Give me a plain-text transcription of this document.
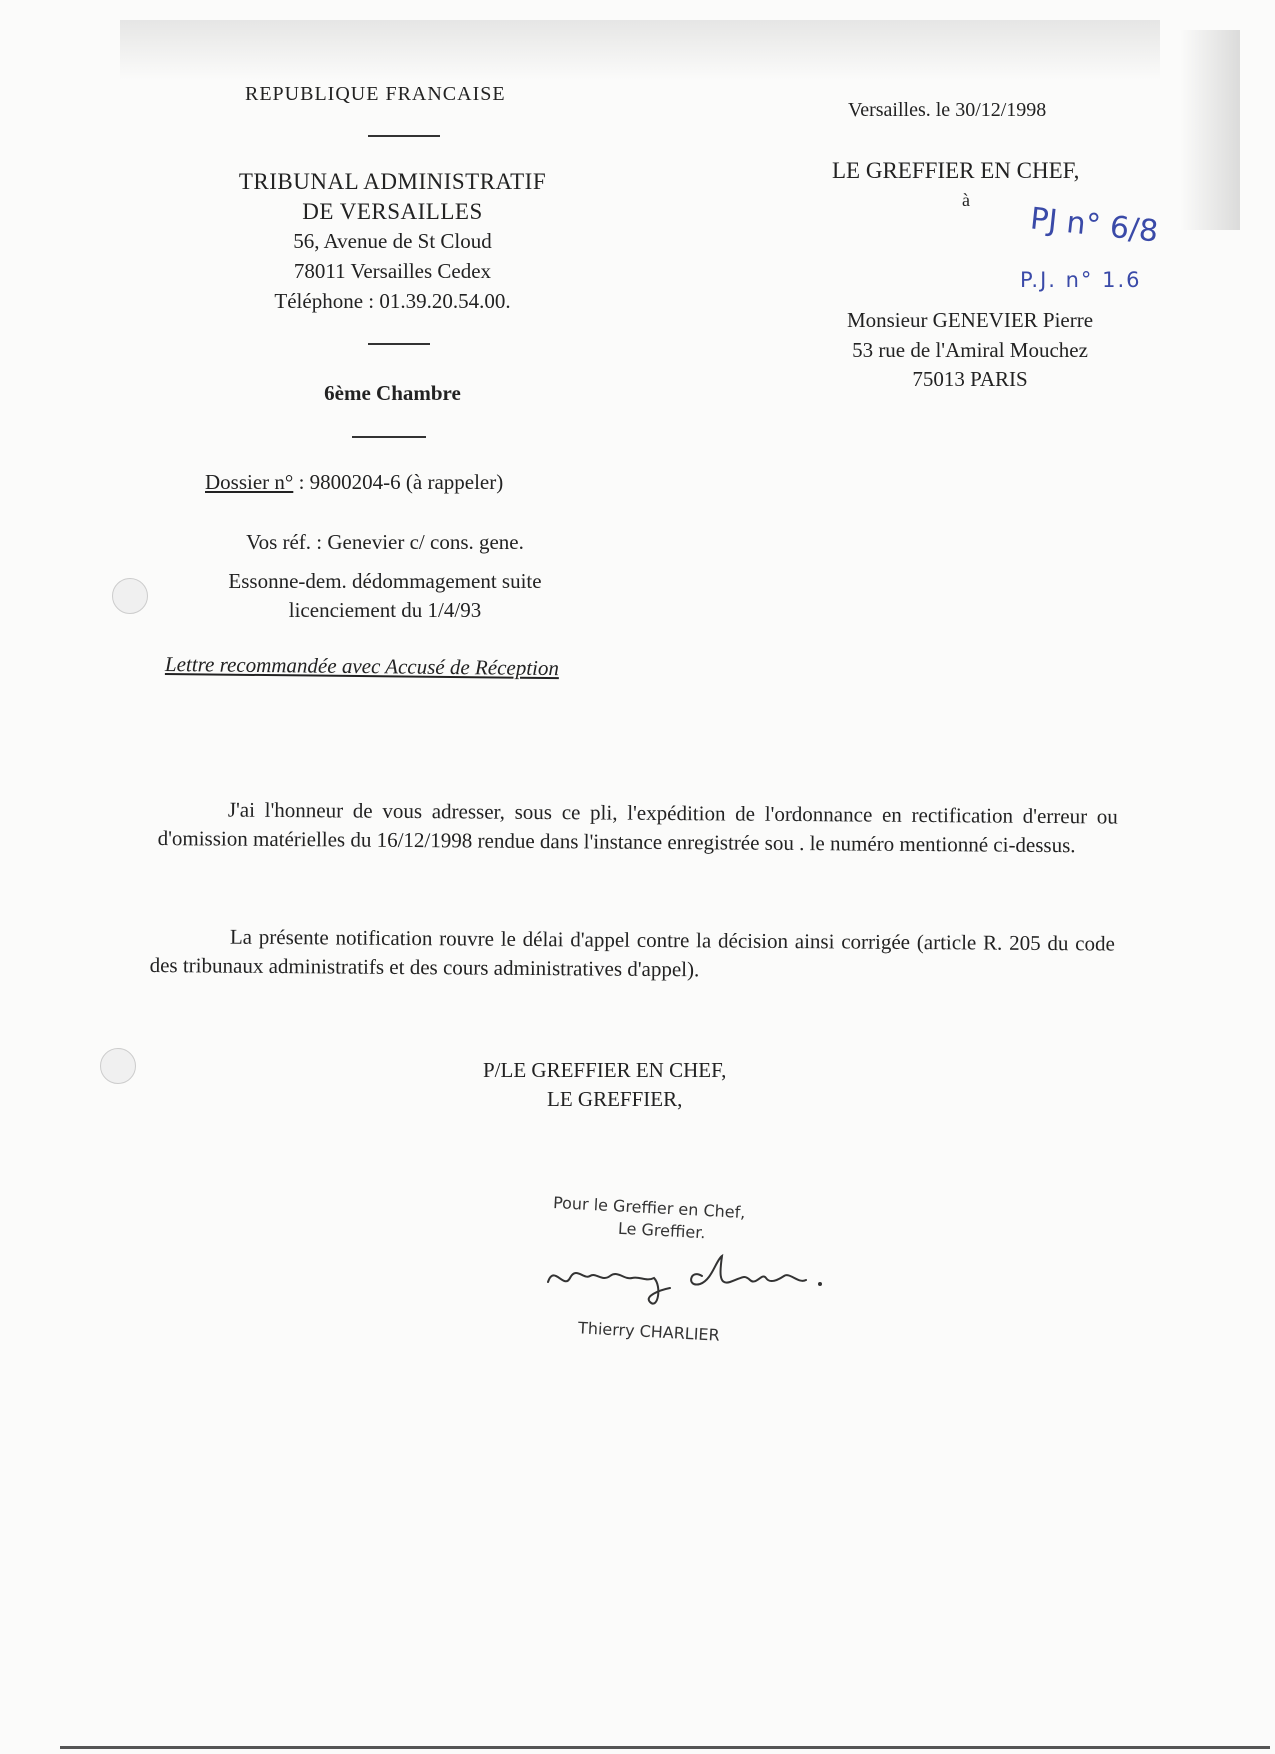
REPUBLIQUE FRANCAISE
TRIBUNAL ADMINISTRATIF
DE VERSAILLES
56, Avenue de St Cloud
78011 Versailles Cedex
Téléphone : 01.39.20.54.00.
6ème Chambre
Versailles. le 30/12/1998
LE GREFFIER EN CHEF,
à
PJ n° 6/8
P.J. n° 1.6
Monsieur GENEVIER Pierre
53 rue de l'Amiral Mouchez
75013 PARIS
Dossier n° : 9800204-6 (à rappeler)
Vos réf. : Genevier c/ cons. gene.
Essonne-dem. dédommagement suite
licenciement du 1/4/93
Lettre recommandée avec Accusé de Réception

J'ai l'honneur de vous adresser, sous ce pli, l'expédition de l'ordonnance en rectification d'erreur ou d'omission matérielles du 16/12/1998 rendue dans l'instance enregistrée sou . le numéro mentionné ci-dessus.

La présente notification rouvre le délai d'appel contre la décision ainsi corrigée (article R. 205 du code des tribunaux administratifs et des cours administratives d'appel).

P/LE GREFFIER EN CHEF,
LE GREFFIER,
Pour le Greffier en Chef,
Le Greffier.
Thierry CHARLIER
